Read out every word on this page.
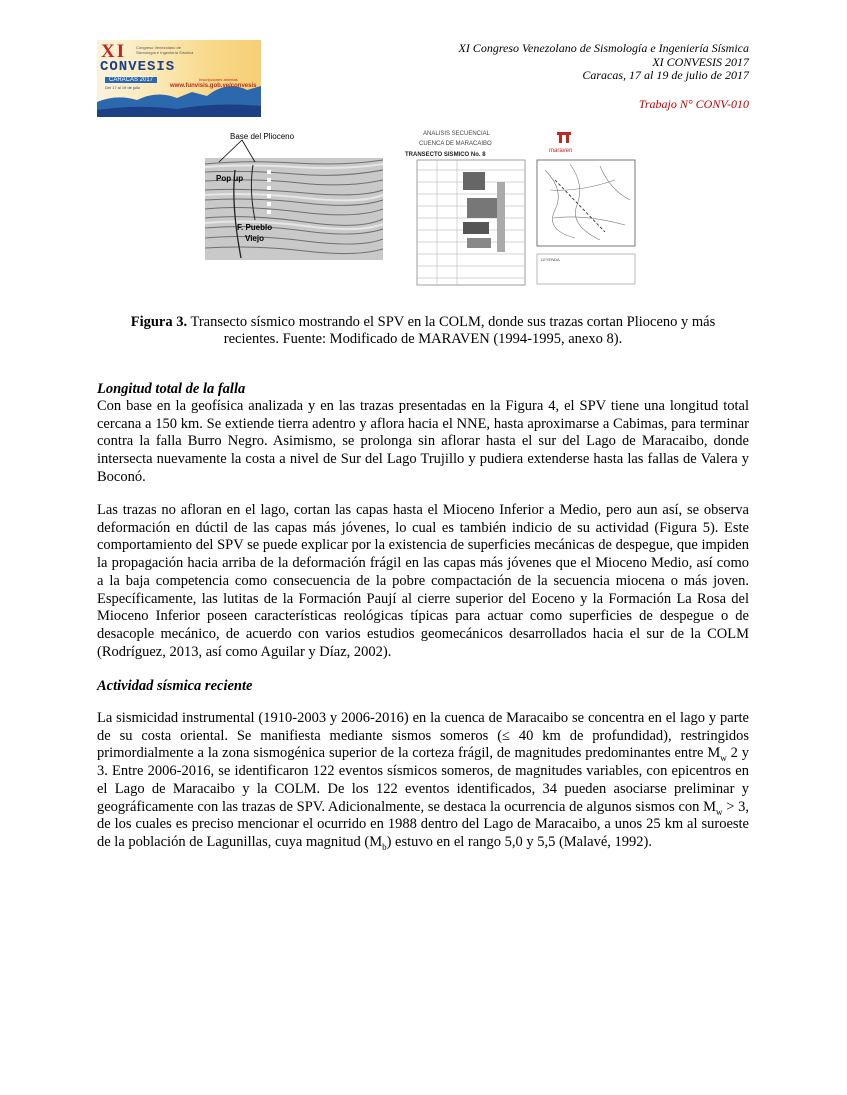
XI Congreso Venezolano de Sismología e Ingeniería Sísmica
CONVESIS
CARACAS 2017
Del 17 al 19 de julio
Inscripciones abiertas
www.funvisis.gob.ve/convesis
XI Congreso Venezolano de Sismología e Ingeniería Sísmica
XI CONVESIS 2017
Caracas, 17 al 19 de julio de 2017
Trabajo N° CONV-010
Base del Plioceno
Pop up
F. Pueblo
Viejo
ANALISIS SECUENCIAL
CUENCA DE MARACAIBO
TRANSECTO SISMICO No. 8
maraven
LEYENDA
Figura 3. Transecto sísmico mostrando el SPV en la COLM, donde sus trazas cortan Plioceno y más
recientes. Fuente: Modificado de MARAVEN (1994-1995, anexo 8).
Longitud total de la falla
Con base en la geofísica analizada y en las trazas presentadas en la Figura 4, el SPV tiene una longitud total cercana a 150 km. Se extiende tierra adentro y aflora hacia el NNE, hasta aproximarse a Cabimas, para terminar contra la falla Burro Negro. Asimismo, se prolonga sin aflorar hasta el sur del Lago de Maracaibo, donde intersecta nuevamente la costa a nivel de Sur del Lago Trujillo y pudiera extenderse hasta las fallas de Valera y Boconó.
Las trazas no afloran en el lago, cortan las capas hasta el Mioceno Inferior a Medio, pero aun así, se observa deformación en dúctil de las capas más jóvenes, lo cual es también indicio de su actividad (Figura 5). Este comportamiento del SPV se puede explicar por la existencia de superficies mecánicas de despegue, que impiden la propagación hacia arriba de la deformación frágil en las capas más jóvenes que el Mioceno Medio, así como a la baja competencia como consecuencia de la pobre compactación de la secuencia miocena o más joven. Específicamente, las lutitas de la Formación Paují al cierre superior del Eoceno y la Formación La Rosa del Mioceno Inferior poseen características reológicas típicas para actuar como superficies de despegue o de desacople mecánico, de acuerdo con varios estudios geomecánicos desarrollados hacia el sur de la COLM (Rodríguez, 2013, así como Aguilar y Díaz, 2002).
Actividad sísmica reciente
La sismicidad instrumental (1910-2003 y 2006-2016) en la cuenca de Maracaibo se concentra en el lago y parte de su costa oriental. Se manifiesta mediante sismos someros (≤ 40 km de profundidad), restringidos primordialmente a la zona sismogénica superior de la corteza frágil, de magnitudes predominantes entre $M_w$ 2 y 3. Entre 2006-2016, se identificaron 122 eventos sísmicos someros, de magnitudes variables, con epicentros en el Lago de Maracaibo y la COLM. De los 122 eventos identificados, 34 pueden asociarse preliminar y geográficamente con las trazas de SPV. Adicionalmente, se destaca la ocurrencia de algunos sismos con $M_w > 3$, de los cuales es preciso mencionar el ocurrido en 1988 dentro del Lago de Maracaibo, a unos 25 km al suroeste de la población de Lagunillas, cuya magnitud $(M_b)$ estuvo en el rango 5,0 y 5,5 (Malavé, 1992).
